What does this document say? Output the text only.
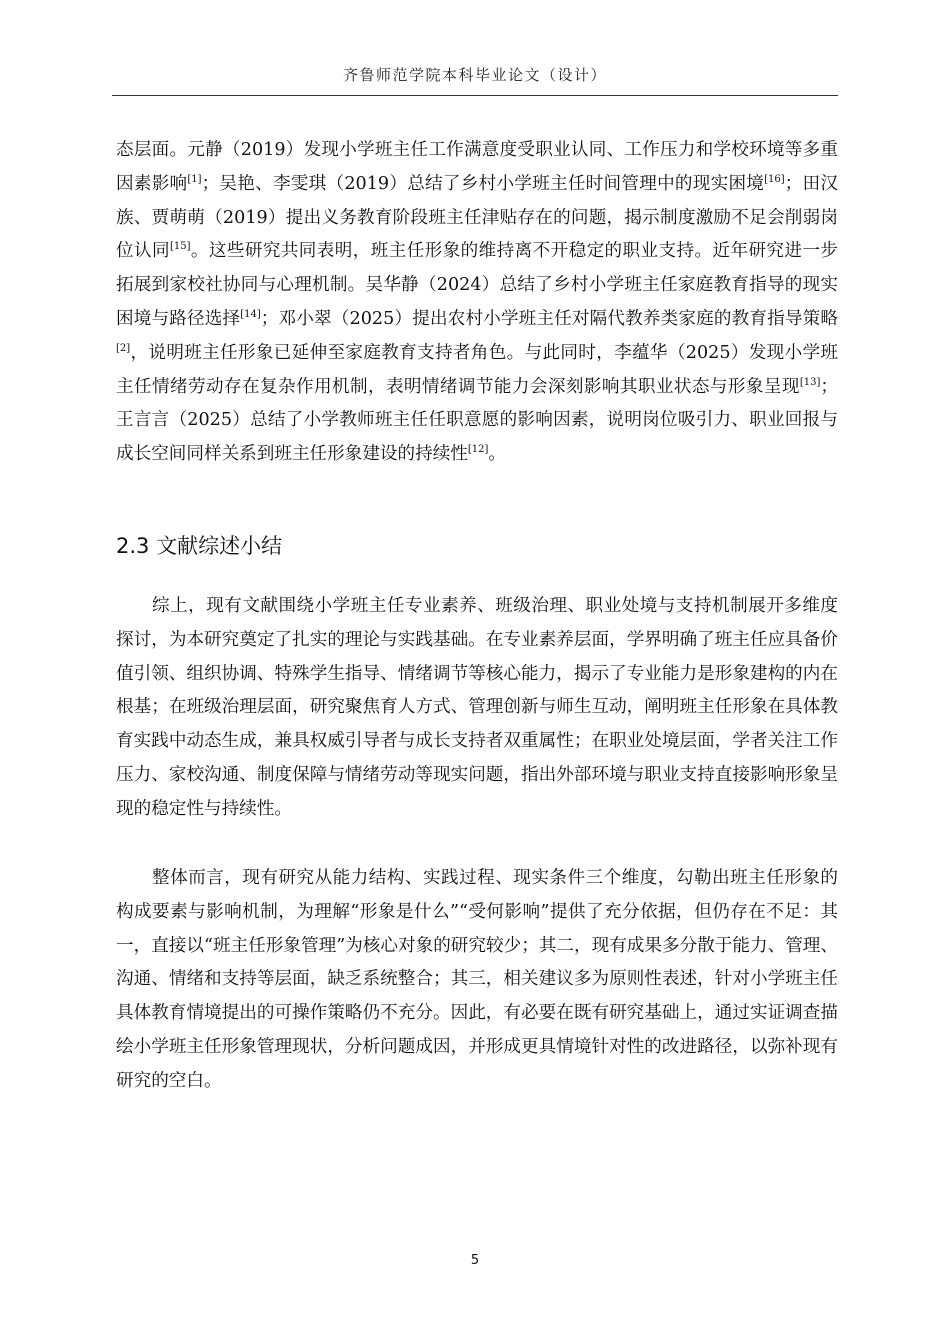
齐鲁师范学院本科毕业论文（设计）
态层面。元静（2019）发现小学班主任工作满意度受职业认同、工作压力和学校环境等多重因素影响[1]；吴艳、李雯琪（2019）总结了乡村小学班主任时间管理中的现实困境[16]；田汉族、贾萌萌（2019）提出义务教育阶段班主任津贴存在的问题，揭示制度激励不足会削弱岗位认同[15]。这些研究共同表明，班主任形象的维持离不开稳定的职业支持。近年研究进一步拓展到家校社协同与心理机制。吴华静（2024）总结了乡村小学班主任家庭教育指导的现实困境与路径选择[14]；邓小翠（2025）提出农村小学班主任对隔代教养类家庭的教育指导策略[2]，说明班主任形象已延伸至家庭教育支持者角色。与此同时，李蕴华（2025）发现小学班主任情绪劳动存在复杂作用机制，表明情绪调节能力会深刻影响其职业状态与形象呈现[13]；王言言（2025）总结了小学教师班主任任职意愿的影响因素，说明岗位吸引力、职业回报与成长空间同样关系到班主任形象建设的持续性[12]。
2.3 文献综述小结
综上，现有文献围绕小学班主任专业素养、班级治理、职业处境与支持机制展开多维度探讨，为本研究奠定了扎实的理论与实践基础。在专业素养层面，学界明确了班主任应具备价值引领、组织协调、特殊学生指导、情绪调节等核心能力，揭示了专业能力是形象建构的内在根基；在班级治理层面，研究聚焦育人方式、管理创新与师生互动，阐明班主任形象在具体教育实践中动态生成，兼具权威引导者与成长支持者双重属性；在职业处境层面，学者关注工作压力、家校沟通、制度保障与情绪劳动等现实问题，指出外部环境与职业支持直接影响形象呈现的稳定性与持续性。
整体而言，现有研究从能力结构、实践过程、现实条件三个维度，勾勒出班主任形象的构成要素与影响机制，为理解“形象是什么”“受何影响”提供了充分依据，但仍存在不足：其一，直接以“班主任形象管理”为核心对象的研究较少；其二，现有成果多分散于能力、管理、沟通、情绪和支持等层面，缺乏系统整合；其三，相关建议多为原则性表述，针对小学班主任具体教育情境提出的可操作策略仍不充分。因此，有必要在既有研究基础上，通过实证调查描绘小学班主任形象管理现状，分析问题成因，并形成更具情境针对性的改进路径，以弥补现有研究的空白。
5
